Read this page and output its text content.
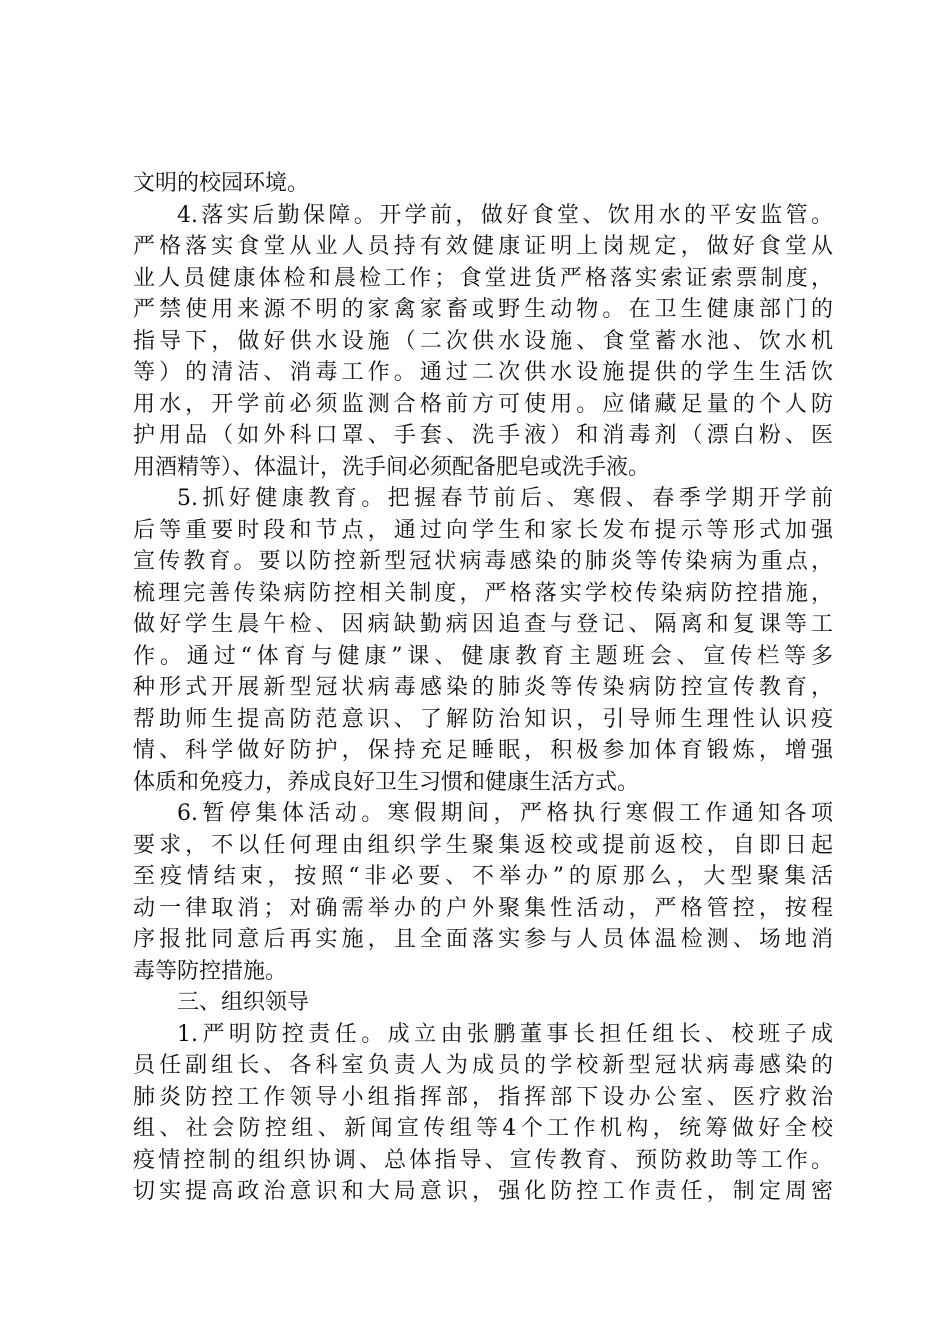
文明的校园环境。
4.落实后勤保障。开学前，做好食堂、饮用水的平安监管。
严格落实食堂从业人员持有效健康证明上岗规定，做好食堂从
业人员健康体检和晨检工作；食堂进货严格落实索证索票制度，
严禁使用来源不明的家禽家畜或野生动物。在卫生健康部门的
指导下，做好供水设施（二次供水设施、食堂蓄水池、饮水机
等）的清洁、消毒工作。通过二次供水设施提供的学生生活饮
用水，开学前必须监测合格前方可使用。应储藏足量的个人防
护用品（如外科口罩、手套、洗手液）和消毒剂（漂白粉、医
用酒精等）、体温计，洗手间必须配备肥皂或洗手液。
5.抓好健康教育。把握春节前后、寒假、春季学期开学前
后等重要时段和节点，通过向学生和家长发布提示等形式加强
宣传教育。要以防控新型冠状病毒感染的肺炎等传染病为重点，
梳理完善传染病防控相关制度，严格落实学校传染病防控措施，
做好学生晨午检、因病缺勤病因追查与登记、隔离和复课等工
作。通过“体育与健康”课、健康教育主题班会、宣传栏等多
种形式开展新型冠状病毒感染的肺炎等传染病防控宣传教育，
帮助师生提高防范意识、了解防治知识，引导师生理性认识疫
情、科学做好防护，保持充足睡眠，积极参加体育锻炼，增强
体质和免疫力，养成良好卫生习惯和健康生活方式。
6.暂停集体活动。寒假期间，严格执行寒假工作通知各项
要求，不以任何理由组织学生聚集返校或提前返校，自即日起
至疫情结束，按照“非必要、不举办”的原那么，大型聚集活
动一律取消；对确需举办的户外聚集性活动，严格管控，按程
序报批同意后再实施，且全面落实参与人员体温检测、场地消
毒等防控措施。
三、组织领导
1.严明防控责任。成立由张鹏董事长担任组长、校班子成
员任副组长、各科室负责人为成员的学校新型冠状病毒感染的
肺炎防控工作领导小组指挥部，指挥部下设办公室、医疗救治
组、社会防控组、新闻宣传组等4个工作机构，统筹做好全校
疫情控制的组织协调、总体指导、宣传教育、预防救助等工作。
切实提高政治意识和大局意识，强化防控工作责任，制定周密
